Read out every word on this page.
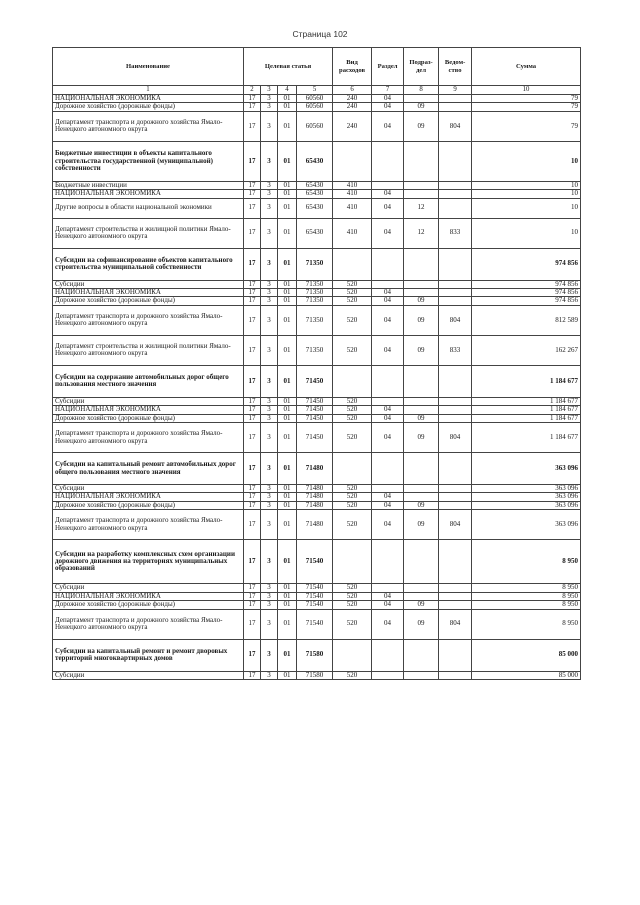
Страница 102
Наименование	Целевая статья				Вид расходов	Раздел	Подраз-дел	Ведом-ство	Сумма
1	2	3	4	5	6	7	8	9	10
НАЦИОНАЛЬНАЯ ЭКОНОМИКА	17	3	01	60560	240	04			79
Дорожное хозяйство (дорожные фонды)	17	3	01	60560	240	04	09		79
Департамент транспорта и дорожного хозяйства Ямало-Ненецкого автономного округа	17	3	01	60560	240	04	09	804	79
Бюджетные инвестиции в объекты капитального строительства государственной (муниципальной) собственности	17	3	01	65430					10
Бюджетные инвестиции	17	3	01	65430	410				10
НАЦИОНАЛЬНАЯ ЭКОНОМИКА	17	3	01	65430	410	04			10
Другие вопросы в области национальной экономики	17	3	01	65430	410	04	12		10
Департамент строительства и жилищной политики Ямало-Ненецкого автономного округа	17	3	01	65430	410	04	12	833	10
Субсидии на софинансирование объектов капитального строительства муниципальной собственности	17	3	01	71350					974 856
Субсидии	17	3	01	71350	520				974 856
НАЦИОНАЛЬНАЯ ЭКОНОМИКА	17	3	01	71350	520	04			974 856
Дорожное хозяйство (дорожные фонды)	17	3	01	71350	520	04	09		974 856
Департамент транспорта и дорожного хозяйства Ямало-Ненецкого автономного округа	17	3	01	71350	520	04	09	804	812 589
Департамент строительства и жилищной политики Ямало-Ненецкого автономного округа	17	3	01	71350	520	04	09	833	162 267
Субсидии на содержание автомобильных дорог общего пользования местного значения	17	3	01	71450					1 184 677
Субсидии	17	3	01	71450	520				1 184 677
НАЦИОНАЛЬНАЯ ЭКОНОМИКА	17	3	01	71450	520	04			1 184 677
Дорожное хозяйство (дорожные фонды)	17	3	01	71450	520	04	09		1 184 677
Департамент транспорта и дорожного хозяйства Ямало-Ненецкого автономного округа	17	3	01	71450	520	04	09	804	1 184 677
Субсидии на капитальный ремонт автомобильных дорог общего пользования местного значения	17	3	01	71480					363 096
Субсидии	17	3	01	71480	520				363 096
НАЦИОНАЛЬНАЯ ЭКОНОМИКА	17	3	01	71480	520	04			363 096
Дорожное хозяйство (дорожные фонды)	17	3	01	71480	520	04	09		363 096
Департамент транспорта и дорожного хозяйства Ямало-Ненецкого автономного округа	17	3	01	71480	520	04	09	804	363 096
Субсидии на разработку комплексных схем организации дорожного движения на территориях муниципальных образований	17	3	01	71540					8 950
Субсидии	17	3	01	71540	520				8 950
НАЦИОНАЛЬНАЯ ЭКОНОМИКА	17	3	01	71540	520	04			8 950
Дорожное хозяйство (дорожные фонды)	17	3	01	71540	520	04	09		8 950
Департамент транспорта и дорожного хозяйства Ямало-Ненецкого автономного округа	17	3	01	71540	520	04	09	804	8 950
Субсидии на капитальный ремонт и ремонт дворовых территорий многоквартирных домов	17	3	01	71580					85 000
Субсидии	17	3	01	71580	520				85 000
